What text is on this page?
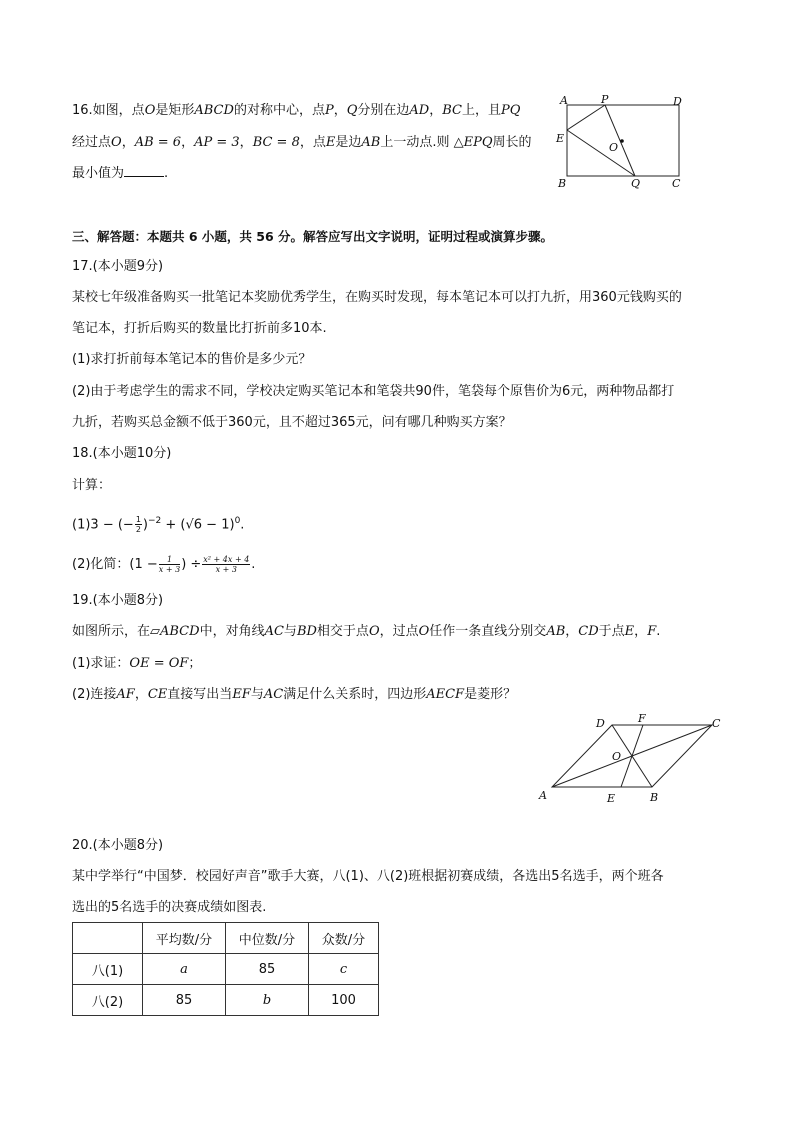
16.如图，点O是矩形ABCD的对称中心，点P，Q分别在边AD，BC上，且PQ
经过点O，AB = 6，AP = 3，BC = 8，点E是边AB上一动点.则 △EPQ周长的
最小值为	.
A	P	D
E
O
B	Q	C
三、解答题：本题共 6 小题，共 56 分。解答应写出文字说明，证明过程或演算步骤。
17.(本小题9分)
某校七年级准备购买一批笔记本奖励优秀学生，在购买时发现，每本笔记本可以打九折，用360元钱购买的
笔记本，打折后购买的数量比打折前多10本.
(1)求打折前每本笔记本的售价是多少元？
(2)由于考虑学生的需求不同，学校决定购买笔记本和笔袋共90件，笔袋每个原售价为6元，两种物品都打
九折，若购买总金额不低于360元，且不超过365元，问有哪几种购买方案？
18.(本小题10分)
计算：
(1)3 − (− $\frac{1}{2} )^{-2} + (√6 - 1)^0$.
(2)化简：($1 - \frac{1}{x + 3}$ ) ÷ $\frac{\text{x² + 4x + 4}}{x + 3}$ .
19.(本小题8分)
如图所示，在▱ABCD中，对角线AC与BD相交于点O，过点O任作一条直线分别交AB，CD于点E，F.
(1)求证：OE = OF；
(2)连接AF，CE直接写出当EF与AC满足什么关系时，四边形AECF是菱形？
D	F	C
O
A	E	B
20.(本小题8分)
某中学举行“中国梦．校园好声音”歌手大赛，八(1)、八(2)班根据初赛成绩，各选出5名选手，两个班各
选出的5名选手的决赛成绩如图表.
	平均数/分	中位数/分	众数/分
八(1)	a	85	c
八(2)	85	b	100
